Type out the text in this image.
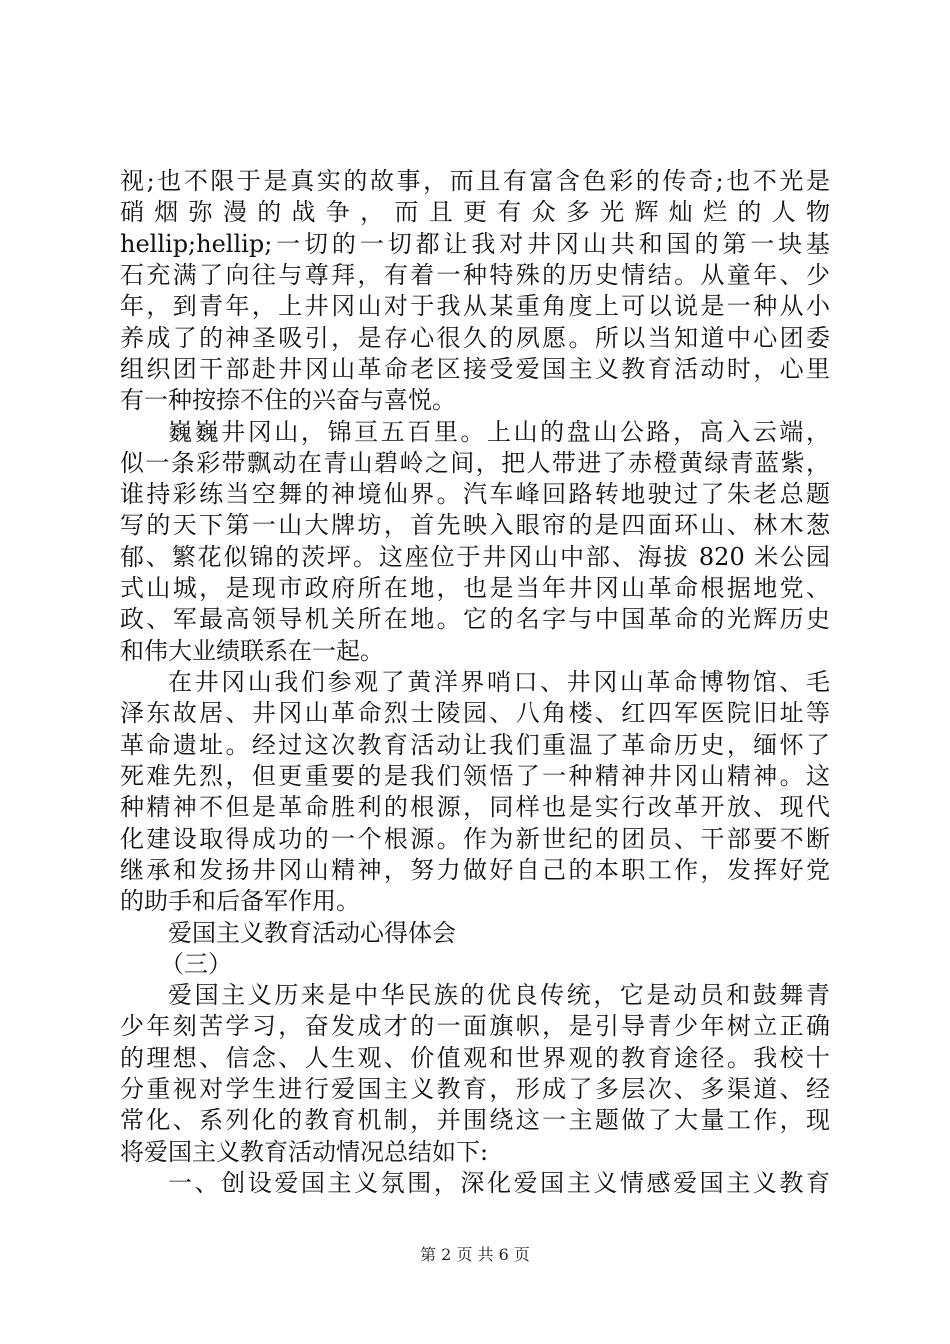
视;也不限于是真实的故事，而且有富含色彩的传奇;也不光是
硝 烟 弥 漫 的 战 争 ， 而 且 更 有 众 多 光 辉 灿 烂 的 人 物
hellip;hellip;一切的一切都让我对井冈山共和国的第一块基
石充满了向往与尊拜，有着一种特殊的历史情结。从童年、少
年，到青年，上井冈山对于我从某重角度上可以说是一种从小
养成了的神圣吸引，是存心很久的夙愿。所以当知道中心团委
组织团干部赴井冈山革命老区接受爱国主义教育活动时，心里
有一种按捺不住的兴奋与喜悦。
巍巍井冈山，锦亘五百里。上山的盘山公路，高入云端，
似一条彩带飘动在青山碧岭之间，把人带进了赤橙黄绿青蓝紫，
谁持彩练当空舞的神境仙界。汽车峰回路转地驶过了朱老总题
写的天下第一山大牌坊，首先映入眼帘的是四面环山、林木葱
郁、繁花似锦的茨坪。这座位于井冈山中部、海拔 820 米公园
式山城，是现市政府所在地，也是当年井冈山革命根据地党、
政、军最高领导机关所在地。它的名字与中国革命的光辉历史
和伟大业绩联系在一起。
在井冈山我们参观了黄洋界哨口、井冈山革命博物馆、毛
泽东故居、井冈山革命烈士陵园、八角楼、红四军医院旧址等
革命遗址。经过这次教育活动让我们重温了革命历史，缅怀了
死难先烈，但更重要的是我们领悟了一种精神井冈山精神。这
种精神不但是革命胜利的根源，同样也是实行改革开放、现代
化建设取得成功的一个根源。作为新世纪的团员、干部要不断
继承和发扬井冈山精神，努力做好自己的本职工作，发挥好党
的助手和后备军作用。
爱国主义教育活动心得体会
（三）
爱国主义历来是中华民族的优良传统，它是动员和鼓舞青
少年刻苦学习，奋发成才的一面旗帜，是引导青少年树立正确
的理想、信念、人生观、价值观和世界观的教育途径。我校十
分重视对学生进行爱国主义教育，形成了多层次、多渠道、经
常化、系列化的教育机制，并围绕这一主题做了大量工作，现
将爱国主义教育活动情况总结如下:
一、创设爱国主义氛围，深化爱国主义情感爱国主义教育
第 2 页 共 6 页
